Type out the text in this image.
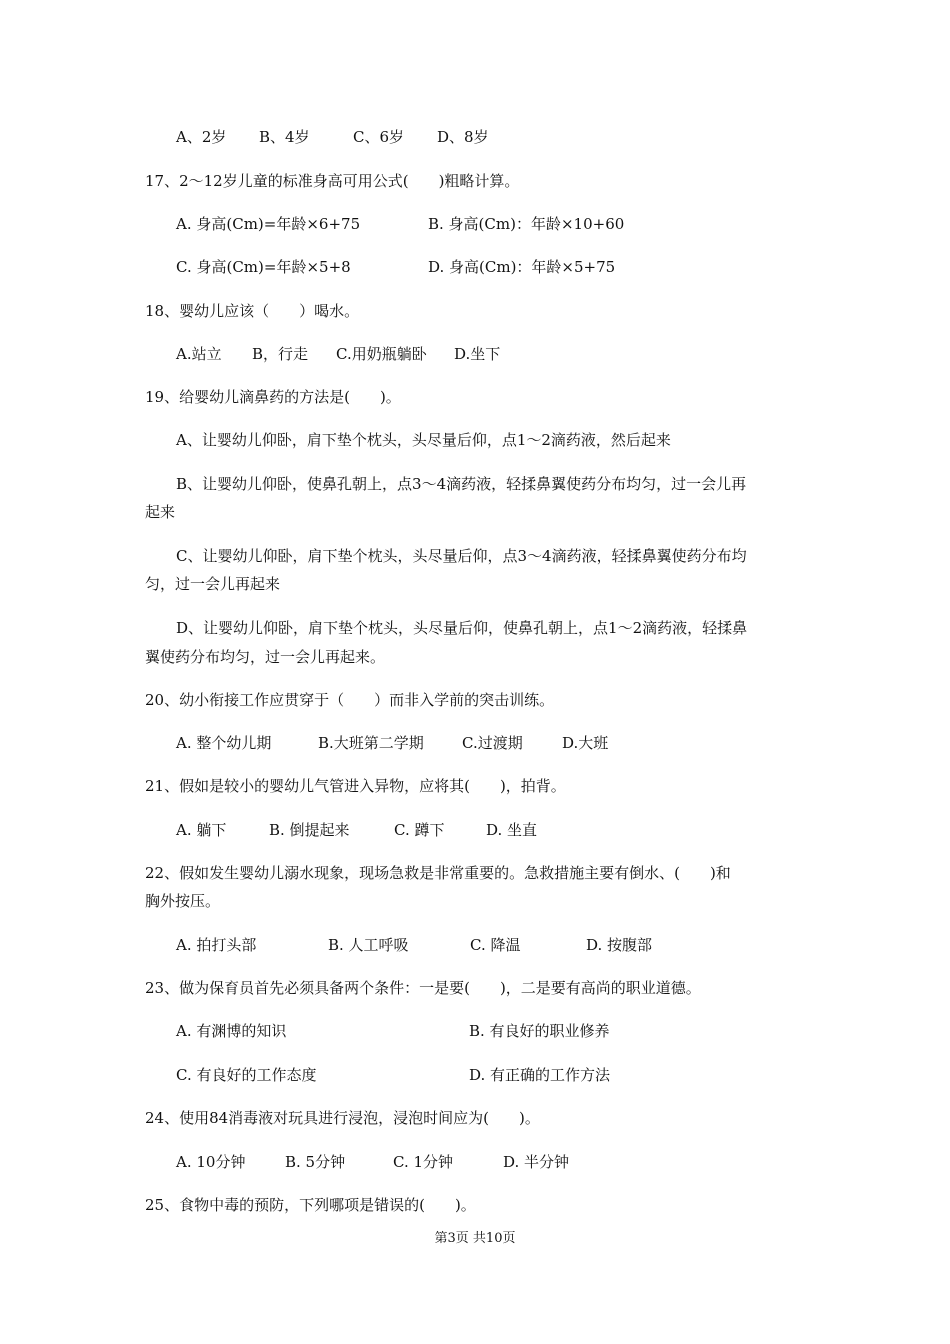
A、2岁	B、4岁	C、6岁	D、8岁
17、2～12岁儿童的标准身高可用公式(　　)粗略计算。
A. 身高(Cm)=年龄×6+75	B. 身高(Cm)：年龄×10+60
C. 身高(Cm)=年龄×5+8	D. 身高(Cm)：年龄×5+75
18、婴幼儿应该（　　）喝水。
A.站立	B，行走	C.用奶瓶躺卧	D.坐下
19、给婴幼儿滴鼻药的方法是(　　)。
A、让婴幼儿仰卧，肩下垫个枕头，头尽量后仰，点1～2滴药液，然后起来
B、让婴幼儿仰卧，使鼻孔朝上，点3～4滴药液，轻揉鼻翼使药分布均匀，过一会儿再
起来
C、让婴幼儿仰卧，肩下垫个枕头，头尽量后仰，点3～4滴药液，轻揉鼻翼使药分布均
匀，过一会儿再起来
D、让婴幼儿仰卧，肩下垫个枕头，头尽量后仰，使鼻孔朝上，点1～2滴药液，轻揉鼻
翼使药分布均匀，过一会儿再起来。
20、幼小衔接工作应贯穿于（　　）而非入学前的突击训练。
A. 整个幼儿期	B.大班第二学期	C.过渡期	D.大班
21、假如是较小的婴幼儿气管进入异物，应将其(　　)，拍背。
A. 躺下	B. 倒提起来	C. 蹲下	D. 坐直
22、假如发生婴幼儿溺水现象，现场急救是非常重要的。急救措施主要有倒水、(　　)和
胸外按压。
A. 拍打头部	B. 人工呼吸	C. 降温	D. 按腹部
23、做为保育员首先必须具备两个条件：一是要(　　)，二是要有高尚的职业道德。
A. 有渊博的知识	B. 有良好的职业修养
C. 有良好的工作态度	D. 有正确的工作方法
24、使用84消毒液对玩具进行浸泡，浸泡时间应为(　　)。
A. 10分钟	B. 5分钟	C. 1分钟	D. 半分钟
25、食物中毒的预防，下列哪项是错误的(　　)。
第3页 共10页
